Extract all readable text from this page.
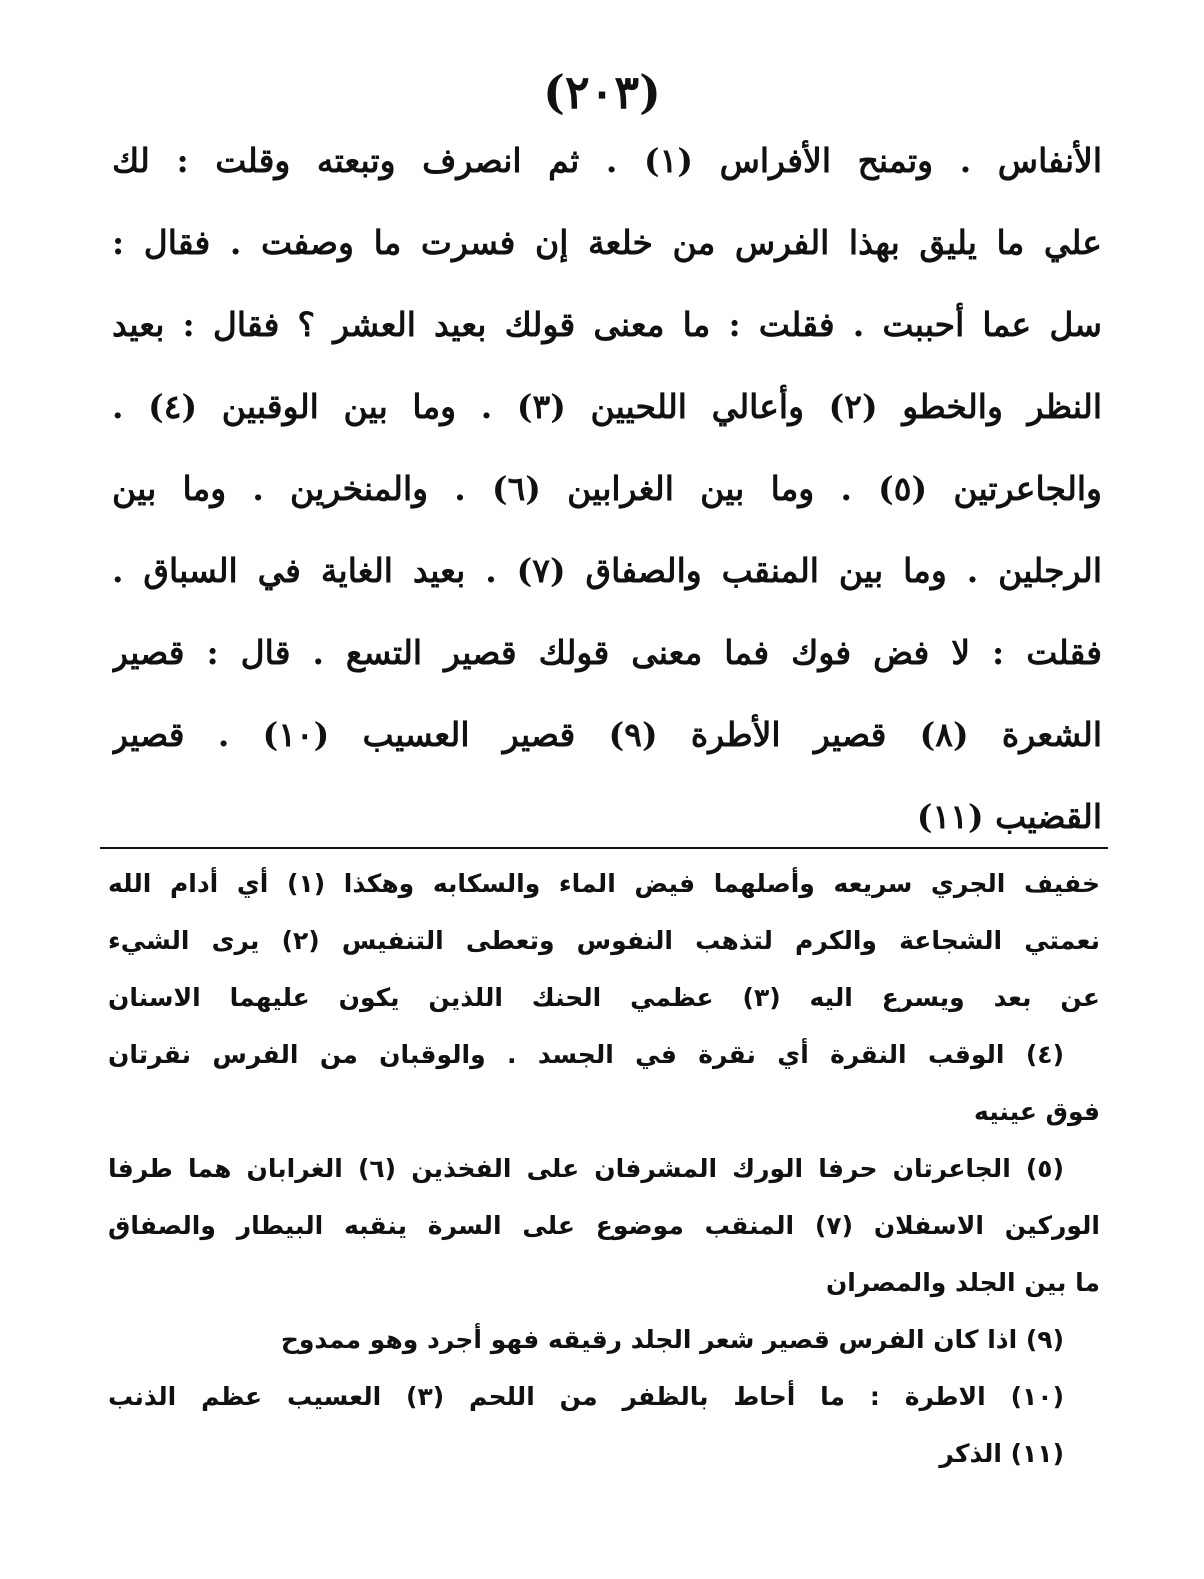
(٢٠٣)
الأنفاس . وتمنح الأفراس (١) . ثم انصرف وتبعته وقلت : لك
علي ما يليق بهذا الفرس من خلعة إن فسرت ما وصفت . فقال :
سل عما أحببت . فقلت : ما معنى قولك بعيد العشر ؟ فقال : بعيد
النظر والخطو (٢) وأعالي اللحيين (٣) . وما بين الوقبين (٤) .
والجاعرتين (٥) . وما بين الغرابين (٦) . والمنخرين . وما بين
الرجلين . وما بين المنقب والصفاق (٧) . بعيد الغاية في السباق .
فقلت : لا فض فوك فما معنى قولك قصير التسع . قال : قصير
الشعرة (٨) قصير الأطرة (٩) قصير العسيب (١٠) . قصير
القضيب (١١)
خفيف الجري سريعه وأصلهما فيض الماء والسكابه وهكذا (١) أي أدام الله
نعمتي الشجاعة والكرم لتذهب النفوس وتعطى التنفيس (٢) يرى الشيء
عن بعد ويسرع اليه (٣) عظمي الحنك اللذين يكون عليهما الاسنان
(٤) الوقب النقرة أي نقرة في الجسد . والوقبان من الفرس نقرتان
فوق عينيه
(٥) الجاعرتان حرفا الورك المشرفان على الفخذين (٦) الغرابان هما طرفا
الوركين الاسفلان (٧) المنقب موضوع على السرة ينقبه البيطار والصفاق
ما بين الجلد والمصران
(٩) اذا كان الفرس قصير شعر الجلد رقيقه فهو أجرد وهو ممدوح
(١٠) الاطرة : ما أحاط بالظفر من اللحم (٣) العسيب عظم الذنب
(١١) الذكر
